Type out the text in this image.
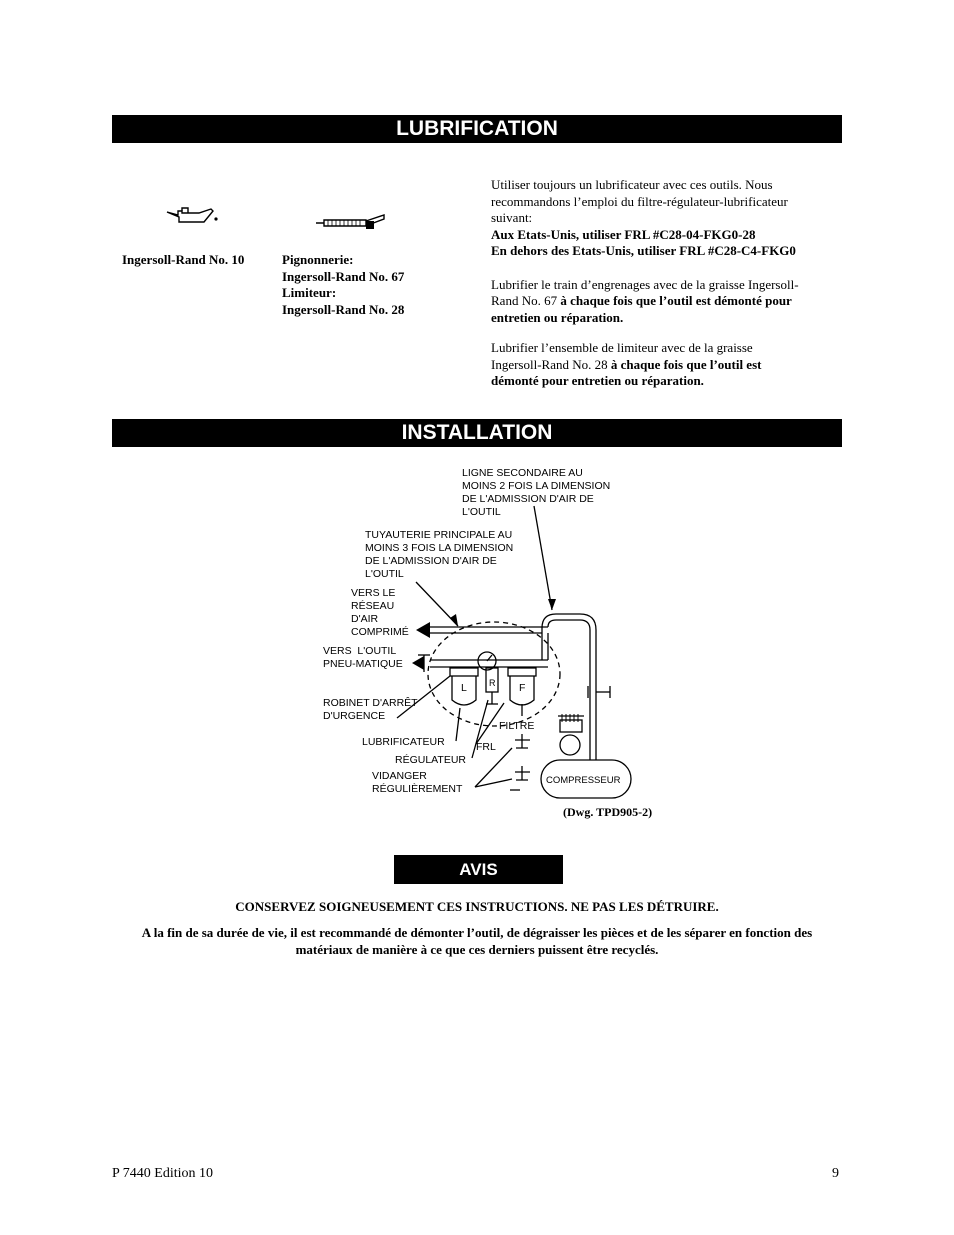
LUBRIFICATION
Ingersoll-Rand No. 10	Pignonnerie:
Ingersoll-Rand No. 67
Limiteur:
Ingersoll-Rand No. 28
Utiliser toujours un lubrificateur avec ces outils. Nous
recommandons l’emploi du filtre-régulateur-lubrificateur
suivant:
Aux Etats-Unis, utiliser FRL #C28-04-FKG0-28
En dehors des Etats-Unis, utiliser FRL #C28-C4-FKG0
Lubrifier le train d’engrenages avec de la graisse Ingersoll-
Rand No. 67 à chaque fois que l’outil est démonté pour
entretien ou réparation.
Lubrifier l’ensemble de limiteur avec de la graisse
Ingersoll-Rand No. 28 à chaque fois que l’outil est
démonté pour entretien ou réparation.
INSTALLATION
LIGNE SECONDAIRE AU
MOINS 2 FOIS LA DIMENSION
DE L'ADMISSION D'AIR DE
L'OUTIL
TUYAUTERIE PRINCIPALE AU
MOINS 3 FOIS LA DIMENSION
DE L'ADMISSION D'AIR DE
L'OUTIL
VERS LE
RÉSEAU
D'AIR
COMPRIMÉ
VERS  L'OUTIL
PNEU-MATIQUE
ROBINET D'ARRÊT
D'URGENCE
LUBRIFICATEUR
RÉGULATEUR
VIDANGER
RÉGULIÈREMENT
FILTRE
FRL
COMPRESSEUR
L R F
(Dwg. TPD905-2)
AVIS
CONSERVEZ SOIGNEUSEMENT CES INSTRUCTIONS. NE PAS LES DÉTRUIRE.
A la fin de sa durée de vie, il est recommandé de démonter l’outil, de dégraisser les pièces et de les séparer en fonction des
matériaux de manière à ce que ces derniers puissent être recyclés.
P 7440 Edition 10	9
